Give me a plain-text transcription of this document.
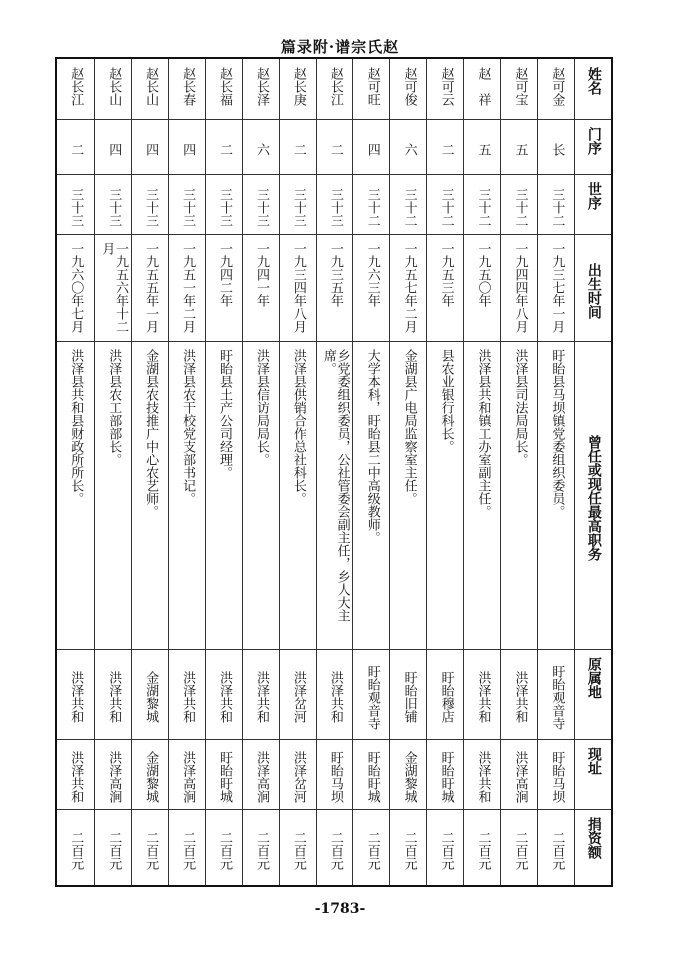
篇录附·谱宗氏赵
赵长江
二
三十三
一九六〇年七月
洪泽县共和县财政所所长。
洪泽共和
洪泽共和
二百元
赵长山
四
三十三
一九五六年十二月
洪泽县农工部部长。
洪泽共和
洪泽高涧
二百元
赵长山
四
三十三
一九五五年一月
金湖县农技推广中心农艺师。
金湖黎城
金湖黎城
二百元
赵长春
四
三十三
一九五一年二月
洪泽县农干校党支部书记。
洪泽共和
洪泽高涧
二百元
赵长福
二
三十三
一九四二年
盱眙县土产公司经理。
洪泽共和
盱眙盱城
二百元
赵长泽
六
三十三
一九四一年
洪泽县信访局局长。
洪泽共和
洪泽高涧
二百元
赵长庚
二
三十三
一九三四年八月
洪泽县供销合作总社科长。
洪泽岔河
洪泽岔河
二百元
赵长江
二
三十三
一九三五年
乡党委组织委员，公社管委会副主任，乡人大主席。
洪泽共和
盱眙马坝
二百元
赵可旺
四
三十二
一九六三年
大学本科，盱眙县二中高级教师。
盱眙观音寺
盱眙盱城
二百元
赵可俊
六
三十二
一九五七年二月
金湖县广电局监察室主任。
盱眙旧铺
金湖黎城
二百元
赵可云
二
三十二
一九五三年
县农业银行科长。
盱眙穆店
盱眙盱城
二百元
赵　祥
五
三十二
一九五〇年
洪泽县共和镇工办室副主任。
洪泽共和
洪泽共和
二百元
赵可宝
五
三十二
一九四四年八月
洪泽县司法局局长。
洪泽共和
洪泽高涧
二百元
赵可金
长
三十二
一九三七年一月
盱眙县马坝镇党委组织委员。
盱眙观音寺
盱眙马坝
二百元
姓名
门序
世序
出生时间
曾任或现任最高职务
原属地
现址
捐资额
-1783-
